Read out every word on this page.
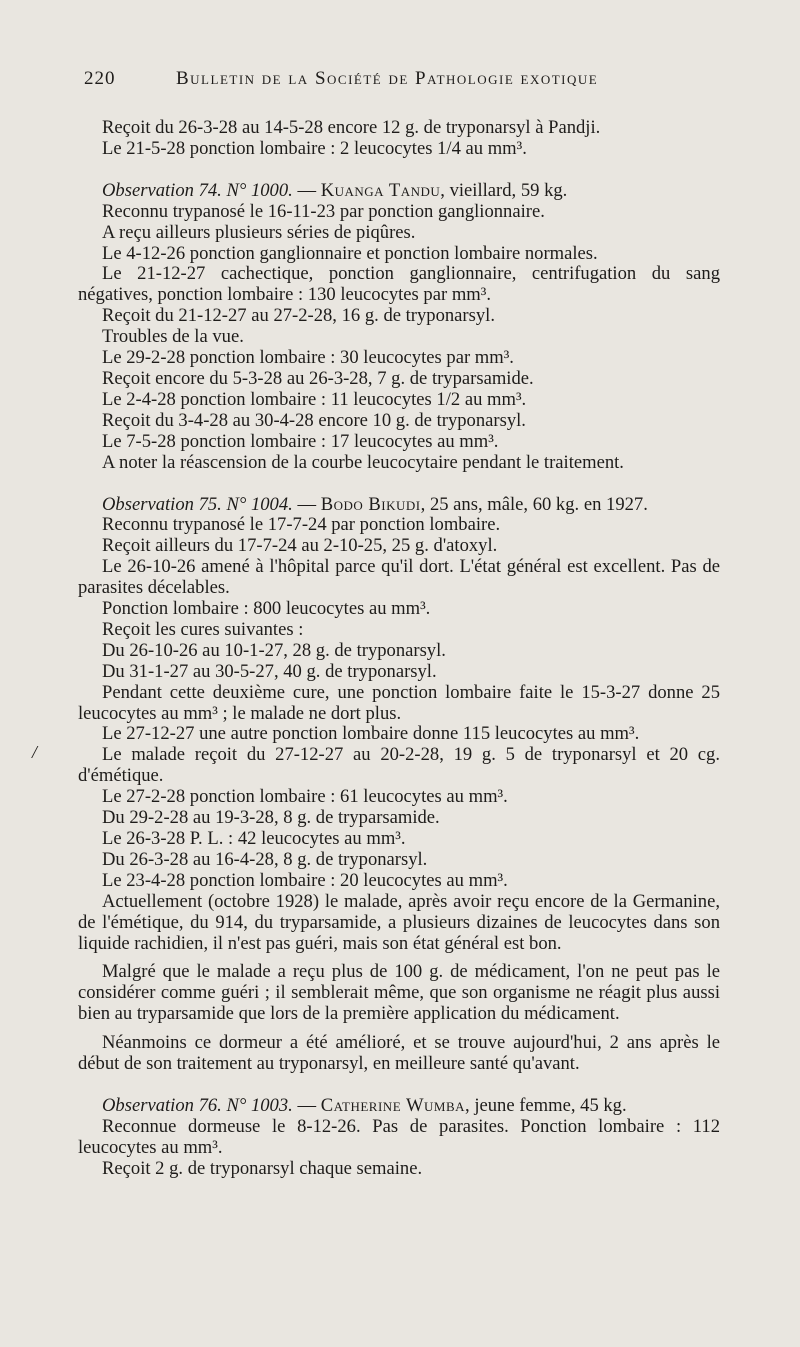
220	Bulletin de la Société de Pathologie exotique
/

Reçoit du 26-3-28 au 14-5-28 encore 12 g. de tryponarsyl à Pandji.

Le 21-5-28 ponction lombaire : 2 leucocytes 1/4 au mm³.

Observation 74. N° 1000. — Kuanga Tandu, vieillard, 59 kg.

Reconnu trypanosé le 16-11-23 par ponction ganglionnaire.

A reçu ailleurs plusieurs séries de piqûres.

Le 4-12-26 ponction ganglionnaire et ponction lombaire normales.

Le 21-12-27 cachectique, ponction ganglionnaire, centrifugation du sang négatives, ponction lombaire : 130 leucocytes par mm³.

Reçoit du 21-12-27 au 27-2-28, 16 g. de tryponarsyl.

Troubles de la vue.

Le 29-2-28 ponction lombaire : 30 leucocytes par mm³.

Reçoit encore du 5-3-28 au 26-3-28, 7 g. de tryparsamide.

Le 2-4-28 ponction lombaire : 11 leucocytes 1/2 au mm³.

Reçoit du 3-4-28 au 30-4-28 encore 10 g. de tryponarsyl.

Le 7-5-28 ponction lombaire : 17 leucocytes au mm³.

A noter la réascension de la courbe leucocytaire pendant le traitement.

Observation 75. N° 1004. — Bodo Bikudi, 25 ans, mâle, 60 kg. en 1927.

Reconnu trypanosé le 17-7-24 par ponction lombaire.

Reçoit ailleurs du 17-7-24 au 2-10-25, 25 g. d'atoxyl.

Le 26-10-26 amené à l'hôpital parce qu'il dort. L'état général est excellent. Pas de parasites décelables.

Ponction lombaire : 800 leucocytes au mm³.

Reçoit les cures suivantes :

Du 26-10-26 au 10-1-27, 28 g. de tryponarsyl.

Du 31-1-27 au 30-5-27, 40 g. de tryponarsyl.

Pendant cette deuxième cure, une ponction lombaire faite le 15-3-27 donne 25 leucocytes au mm³ ; le malade ne dort plus.

Le 27-12-27 une autre ponction lombaire donne 115 leucocytes au mm³.

Le malade reçoit du 27-12-27 au 20-2-28, 19 g. 5 de tryponarsyl et 20 cg. d'émétique.

Le 27-2-28 ponction lombaire : 61 leucocytes au mm³.

Du 29-2-28 au 19-3-28, 8 g. de tryparsamide.

Le 26-3-28 P. L. : 42 leucocytes au mm³.

Du 26-3-28 au 16-4-28, 8 g. de tryponarsyl.

Le 23-4-28 ponction lombaire : 20 leucocytes au mm³.

Actuellement (octobre 1928) le malade, après avoir reçu encore de la Germanine, de l'émétique, du 914, du tryparsamide, a plusieurs dizaines de leucocytes dans son liquide rachidien, il n'est pas guéri, mais son état général est bon.

Malgré que le malade a reçu plus de 100 g. de médicament, l'on ne peut pas le considérer comme guéri ; il semblerait même, que son organisme ne réagit plus aussi bien au tryparsamide que lors de la première application du médicament.

Néanmoins ce dormeur a été amélioré, et se trouve aujourd'hui, 2 ans après le début de son traitement au tryponarsyl, en meilleure santé qu'avant.

Observation 76. N° 1003. — Catherine Wumba, jeune femme, 45 kg.

Reconnue dormeuse le 8-12-26. Pas de parasites. Ponction lombaire : 112 leucocytes au mm³.

Reçoit 2 g. de tryponarsyl chaque semaine.
